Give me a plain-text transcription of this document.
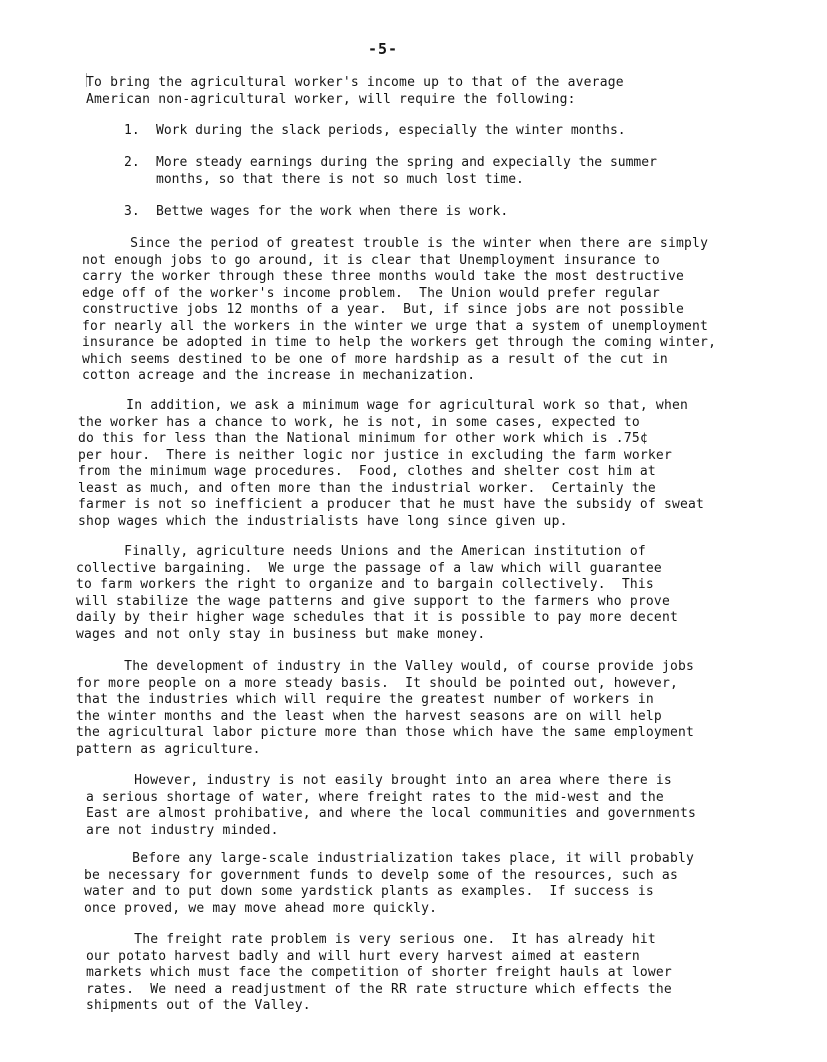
-5-

To bring the agricultural worker's income up to that of the average
American non-agricultural worker, will require the following:

1. Work during the slack periods, especially the winter months.
2. More steady earnings during the spring and expecially the summer
months, so that there is not so much lost time.
3. Bettwe wages for the work when there is work.

Since the period of greatest trouble is the winter when there are simply
not enough jobs to go around, it is clear that Unemployment insurance to
carry the worker through these three months would take the most destructive
edge off of the worker's income problem.  The Union would prefer regular
constructive jobs 12 months of a year.  But, if since jobs are not possible
for nearly all the workers in the winter we urge that a system of unemployment
insurance be adopted in time to help the workers get through the coming winter,
which seems destined to be one of more hardship as a result of the cut in
cotton acreage and the increase in mechanization.

In addition, we ask a minimum wage for agricultural work so that, when
the worker has a chance to work, he is not, in some cases, expected to
do this for less than the National minimum for other work which is .75¢
per hour.  There is neither logic nor justice in excluding the farm worker
from the minimum wage procedures.  Food, clothes and shelter cost him at
least as much, and often more than the industrial worker.  Certainly the
farmer is not so inefficient a producer that he must have the subsidy of sweat
shop wages which the industrialists have long since given up.

Finally, agriculture needs Unions and the American institution of
collective bargaining.  We urge the passage of a law which will guarantee
to farm workers the right to organize and to bargain collectively.  This
will stabilize the wage patterns and give support to the farmers who prove
daily by their higher wage schedules that it is possible to pay more decent
wages and not only stay in business but make money.

The development of industry in the Valley would, of course provide jobs
for more people on a more steady basis.  It should be pointed out, however,
that the industries which will require the greatest number of workers in
the winter months and the least when the harvest seasons are on will help
the agricultural labor picture more than those which have the same employment
pattern as agriculture.

However, industry is not easily brought into an area where there is
a serious shortage of water, where freight rates to the mid-west and the
East are almost prohibative, and where the local communities and governments
are not industry minded.

Before any large-scale industrialization takes place, it will probably
be necessary for government funds to develp some of the resources, such as
water and to put down some yardstick plants as examples.  If success is
once proved, we may move ahead more quickly.

The freight rate problem is very serious one.  It has already hit
our potato harvest badly and will hurt every harvest aimed at eastern
markets which must face the competition of shorter freight hauls at lower
rates.  We need a readjustment of the RR rate structure which effects the
shipments out of the Valley.
